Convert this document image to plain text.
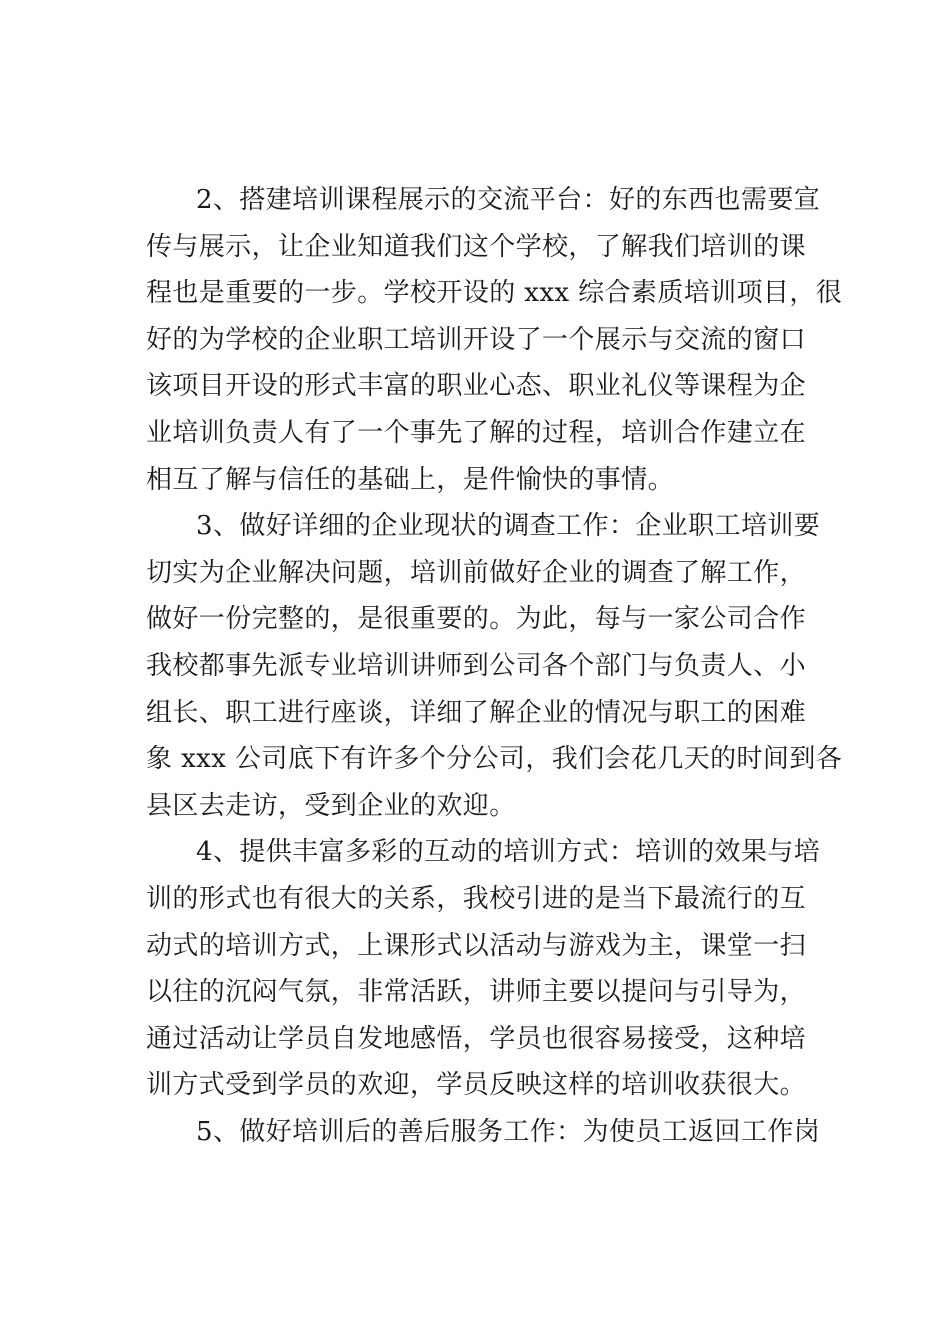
2、搭建培训课程展示的交流平台：好的东西也需要宣
传与展示，让企业知道我们这个学校，了解我们培训的课
程也是重要的一步。学校开设的 xxx 综合素质培训项目，很
好的为学校的企业职工培训开设了一个展示与交流的窗口
该项目开设的形式丰富的职业心态、职业礼仪等课程为企
业培训负责人有了一个事先了解的过程，培训合作建立在
相互了解与信任的基础上，是件愉快的事情。
3、做好详细的企业现状的调查工作：企业职工培训要
切实为企业解决问题，培训前做好企业的调查了解工作，
做好一份完整的，是很重要的。为此，每与一家公司合作
我校都事先派专业培训讲师到公司各个部门与负责人、小
组长、职工进行座谈，详细了解企业的情况与职工的困难
象 xxx 公司底下有许多个分公司，我们会花几天的时间到各
县区去走访，受到企业的欢迎。
4、提供丰富多彩的互动的培训方式：培训的效果与培
训的形式也有很大的关系，我校引进的是当下最流行的互
动式的培训方式，上课形式以活动与游戏为主，课堂一扫
以往的沉闷气氛，非常活跃，讲师主要以提问与引导为，
通过活动让学员自发地感悟，学员也很容易接受，这种培
训方式受到学员的欢迎，学员反映这样的培训收获很大。
5、做好培训后的善后服务工作：为使员工返回工作岗
